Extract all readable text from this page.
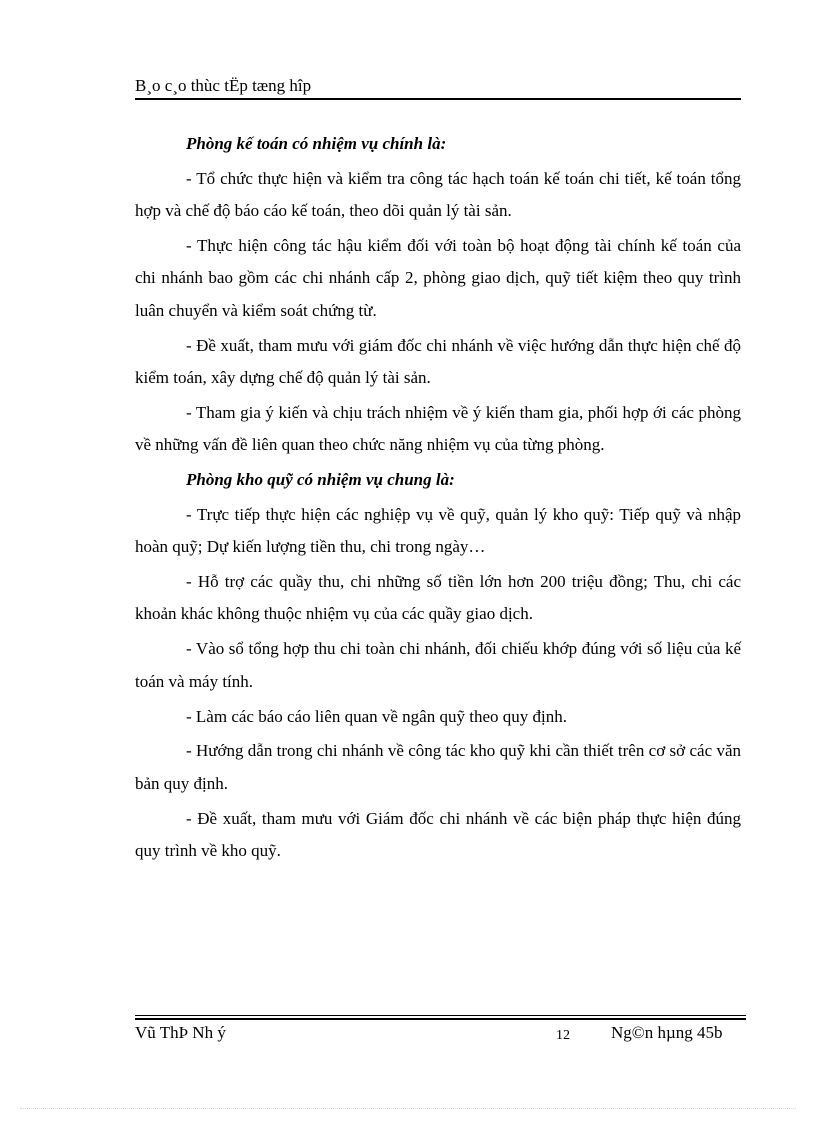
B¸o c¸o thùc tËp tæng hîp

Phòng kế toán có nhiệm vụ chính là:

- Tổ chức thực hiện và kiểm tra công tác hạch toán kế toán chi tiết, kế toán tổng hợp và chế độ báo cáo kế toán, theo dõi quản lý tài sản.

- Thực hiện công tác hậu kiểm đối với toàn bộ hoạt động tài chính kế toán của chi nhánh bao gồm các chi nhánh cấp 2, phòng giao dịch, quỹ tiết kiệm theo quy trình luân chuyển và kiểm soát chứng từ.

- Đề xuất, tham mưu với giám đốc chi nhánh về việc hướng dẫn thực hiện chế độ kiểm toán, xây dựng chế độ quản lý tài sản.

- Tham gia ý kiến và chịu trách nhiệm về ý kiến tham gia, phối hợp ới các phòng về những vấn đề liên quan theo chức năng nhiệm vụ của từng phòng.

Phòng kho quỹ có nhiệm vụ chung là:

- Trực tiếp thực hiện các nghiệp vụ về quỹ, quản lý kho quỹ: Tiếp quỹ và nhập hoàn quỹ; Dự kiến lượng tiền thu, chi trong ngày…

- Hỗ trợ các quầy thu, chi những số tiền lớn hơn 200 triệu đồng; Thu, chi các khoản khác không thuộc nhiệm vụ của các quầy giao dịch.

- Vào sổ tổng hợp thu chi toàn chi nhánh, đối chiếu khớp đúng với số liệu của kế toán và máy tính.

- Làm các báo cáo liên quan về ngân quỹ theo quy định.

- Hướng dẫn trong chi nhánh về công tác kho quỹ khi cần thiết trên cơ sở các văn bản quy định.

- Đề xuất, tham mưu với Giám đốc chi nhánh về các biện pháp thực hiện đúng quy trình về kho quỹ.

Vũ ThÞ Nh ý	12 Ng©n hµng 45b
